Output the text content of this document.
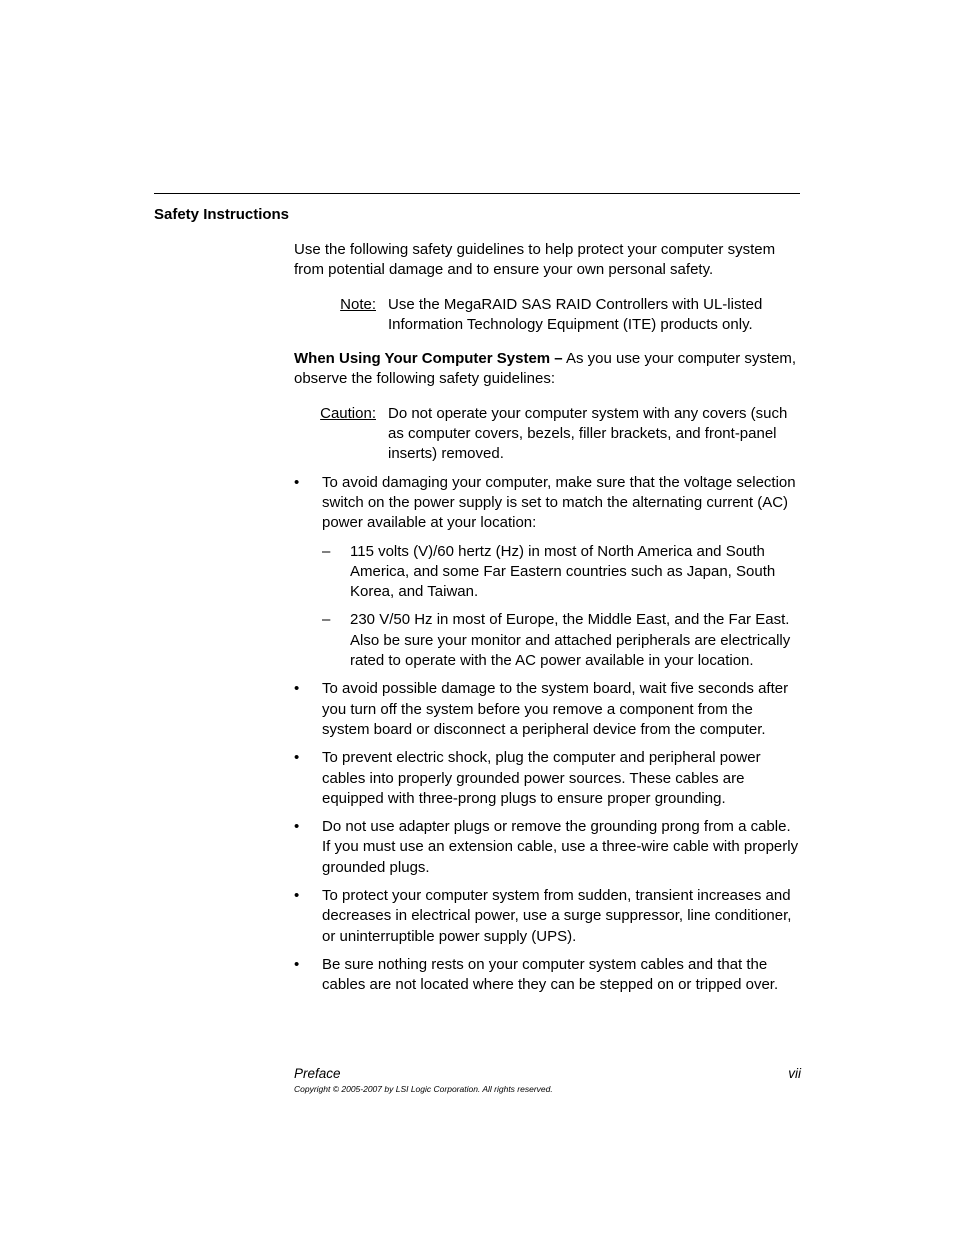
Safety Instructions

Use the following safety guidelines to help protect your computer system from potential damage and to ensure your own personal safety.

Note: Use the MegaRAID SAS RAID Controllers with UL-listed Information Technology Equipment (ITE) products only.

When Using Your Computer System – As you use your computer system, observe the following safety guidelines:

Caution: Do not operate your computer system with any covers (such as computer covers, bezels, filler brackets, and front-panel inserts) removed.
•	To avoid damaging your computer, make sure that the voltage selection switch on the power supply is set to match the alternating current (AC) power available at your location:
–	115 volts (V)/60 hertz (Hz) in most of North America and South America, and some Far Eastern countries such as Japan, South Korea, and Taiwan.
–	230 V/50 Hz in most of Europe, the Middle East, and the Far East. Also be sure your monitor and attached peripherals are electrically rated to operate with the AC power available in your location.
•	To avoid possible damage to the system board, wait five seconds after you turn off the system before you remove a component from the system board or disconnect a peripheral device from the computer.
•	To prevent electric shock, plug the computer and peripheral power cables into properly grounded power sources. These cables are equipped with three-prong plugs to ensure proper grounding.
•	Do not use adapter plugs or remove the grounding prong from a cable. If you must use an extension cable, use a three-wire cable with properly grounded plugs.
•	To protect your computer system from sudden, transient increases and decreases in electrical power, use a surge suppressor, line conditioner, or uninterruptible power supply (UPS).
•	Be sure nothing rests on your computer system cables and that the cables are not located where they can be stepped on or tripped over.
Preface	vii
Copyright © 2005-2007 by LSI Logic Corporation. All rights reserved.
